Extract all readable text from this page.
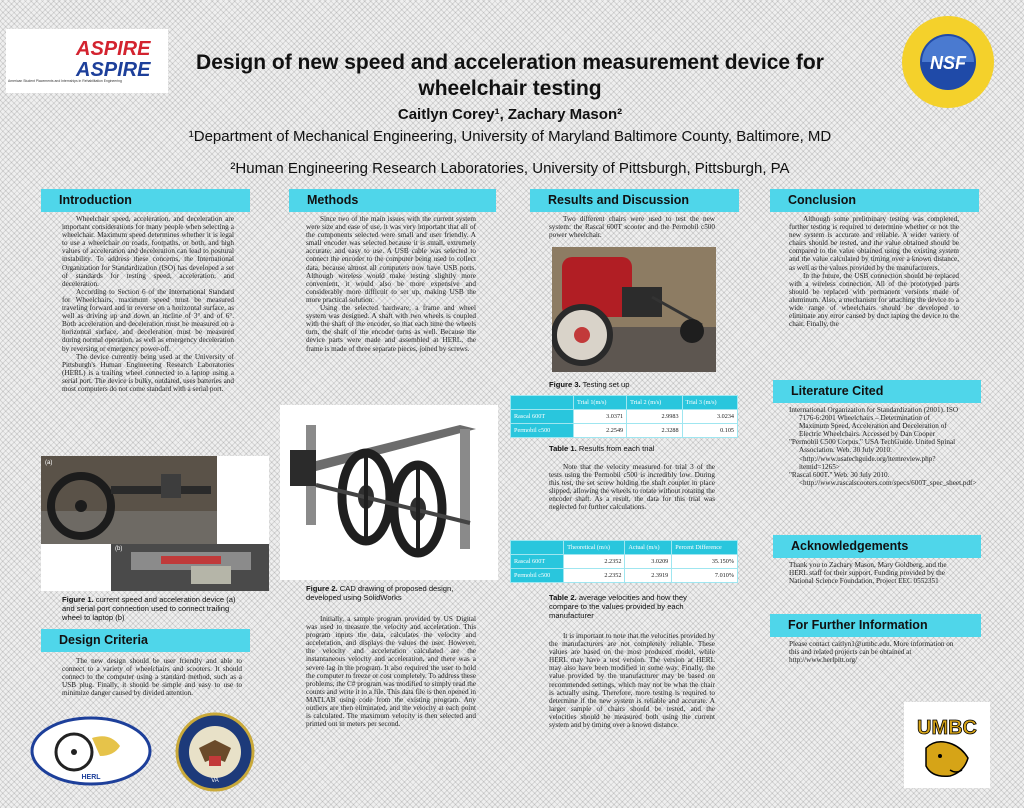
ASPIRE
ASPIRE
American Student Placements and Internships in Rehabilitation Engineering
NSF
Design of new speed and acceleration measurement device for wheelchair testing
Caitlyn Corey¹, Zachary Mason²
¹Department of Mechanical Engineering, University of Maryland Baltimore County, Baltimore, MD
²Human Engineering Research Laboratories, University of Pittsburgh, Pittsburgh, PA
Introduction

Wheelchair speed, acceleration, and deceleration are important considerations for many people when selecting a wheelchair. Maximum speed determines whether it is legal to use a wheelchair on roads, footpaths, or both, and high values of acceleration and deceleration can lead to postural instability. To address these concerns, the International Organization for Standardization (ISO) has developed a set of standards for testing speed, acceleration, and deceleration.

According to Section 6 of the International Standard for Wheelchairs, maximum speed must be measured traveling forward and in reverse on a horizontal surface, as well as driving up and down an incline of 3° and of 6°. Both acceleration and deceleration must be measured on a horizontal surface, and deceleration must be measured during normal operation, as well as emergency deceleration by reversing or emergency power-off.

The device currently being used at the University of Pittsburgh's Human Engineering Research Laboratories (HERL) is a trailing wheel connected to a laptop using a serial port. The device is bulky, outdated, uses batteries and most computers do not come standard with a serial port.

(a)
(b)
Figure 1. current speed and acceleration device (a) and serial port connection used to connect trailing wheel to laptop (b)
Design Criteria

The new design should be user friendly and able to connect to a variety of wheelchairs and scooters. It should connect to the computer using a standard method, such as a USB plug. Finally, it should be simple and easy to use to minimize danger caused by divided attention.

HERL	VA
Methods

Since two of the main issues with the current system were size and ease of use, it was very important that all of the components selected were small and user friendly. A small encoder was selected because it is small, extremely accurate, and easy to use. A USB cable was selected to connect the encoder to the computer being used to collect data, because almost all computers now have USB ports. Although wireless would make testing slightly more convenient, it would also be more expensive and considerably more difficult to set up, making USB the more practical solution.

Using the selected hardware, a frame and wheel system was designed. A shaft with two wheels is coupled with the shaft of the encoder, so that each time the wheels turn, the shaft of the encoder turns as well. Because the device parts were made and assembled at HERL, the frame is made of three separate pieces, joined by screws.

Figure 2. CAD drawing of proposed design, developed using SolidWorks

Initially, a sample program provided by US Digital was used to measure the velocity and acceleration. This program inputs the data, calculates the velocity and acceleration, and displays the values the user. However, the velocity and acceleration calculated are the instantaneous velocity and acceleration, and there was a severe lag in the program. It also required the user to hold the computer to freeze or cost completely. To address these problems, the C# program was modified to simply read the counts and write it to a file. This data file is then opened in MATLAB using code from the existing program. Any outliers are then eliminated, and the velocity at each point is calculated. The maximum velocity is then selected and printed out in meters per second.

Results and Discussion

Two different chairs were used to test the new system: the Rascal 600T scooter and the Permobil c500 power wheelchair.

Figure 3. Testing set up
	Trial 1(m/s)	Trial 2 (m/s)	Trial 3 (m/s)
Rascal 600T	3.0371	2.9983	3.0234
Permobil c500	2.2549	2.3288	0.105
Table 1. Results from each trial

Note that the velocity measured for trial 3 of the tests using the Permobil c500 is incredibly low. During this test, the set screw holding the shaft coupler in place slipped, allowing the wheels to rotate without rotating the encoder shaft. As a result, the data for this trial was neglected for further calculations.

	Theoretical (m/s)	Actual (m/s)	Percent Difference
Rascal 600T	2.2352	3.0209	35.150%
Permobil c500	2.2352	2.3919	7.010%
Table 2. average velocities and how they compare to the values provided by each manufacturer

It is important to note that the velocities provided by the manufacturers are not completely reliable. These values are based on the most produced model, while HERL may have a test version. The version at HERL may also have been modified in some way. Finally, the value provided by the manufacturer may be based on recommended settings, which may not be what the chair is actually using. Therefore, more testing is required to determine if the new system is reliable and accurate. A larger sample of chairs should be tested, and the velocities should be measured both using the current system and by timing over a known distance.

Conclusion

Although some preliminary testing was completed, further testing is required to determine whether or not the new system is accurate and reliable. A wider variety of chairs should be tested, and the value obtained should be compared to the value obtained using the existing system and the value calculated by timing over a known distance, as well as the values provided by the manufacturers.

In the future, the USB connection should be replaced with a wireless connection. All of the prototyped parts should be replaced with permanent versions made of aluminum. Also, a mechanism for attaching the device to a wide range of wheelchairs should be developed to eliminate any error caused by duct taping the device to the chair. Finally, the

Literature Cited
International Organization for Standardization (2001). ISO 7176-6:2001 Wheelchairs – Determination of Maximum Speed, Acceleration and Deceleration of Electric Wheelchairs. Accessed by Dan Cooper
"Permobil C500 Corpus." USA TechGuide. United Spinal Association. Web. 30 July 2010. <http://www.usatechguide.org/itemreview.php?itemid=1265>
"Rascal 600T." Web. 30 July 2010. <http://www.rascalscooters.com/specs/600T_spec_sheet.pdf>
Acknowledgements
Thank you to Zachary Mason, Mary Goldberg, and the HERL staff for their support. Funding provided by the National Science Foundation, Project EEC 0552351
For Further Information
Please contact caitlyn1@umbc.edu. More information on this and related projects can be obtained at http://www.herlpitt.org/
UMBC
